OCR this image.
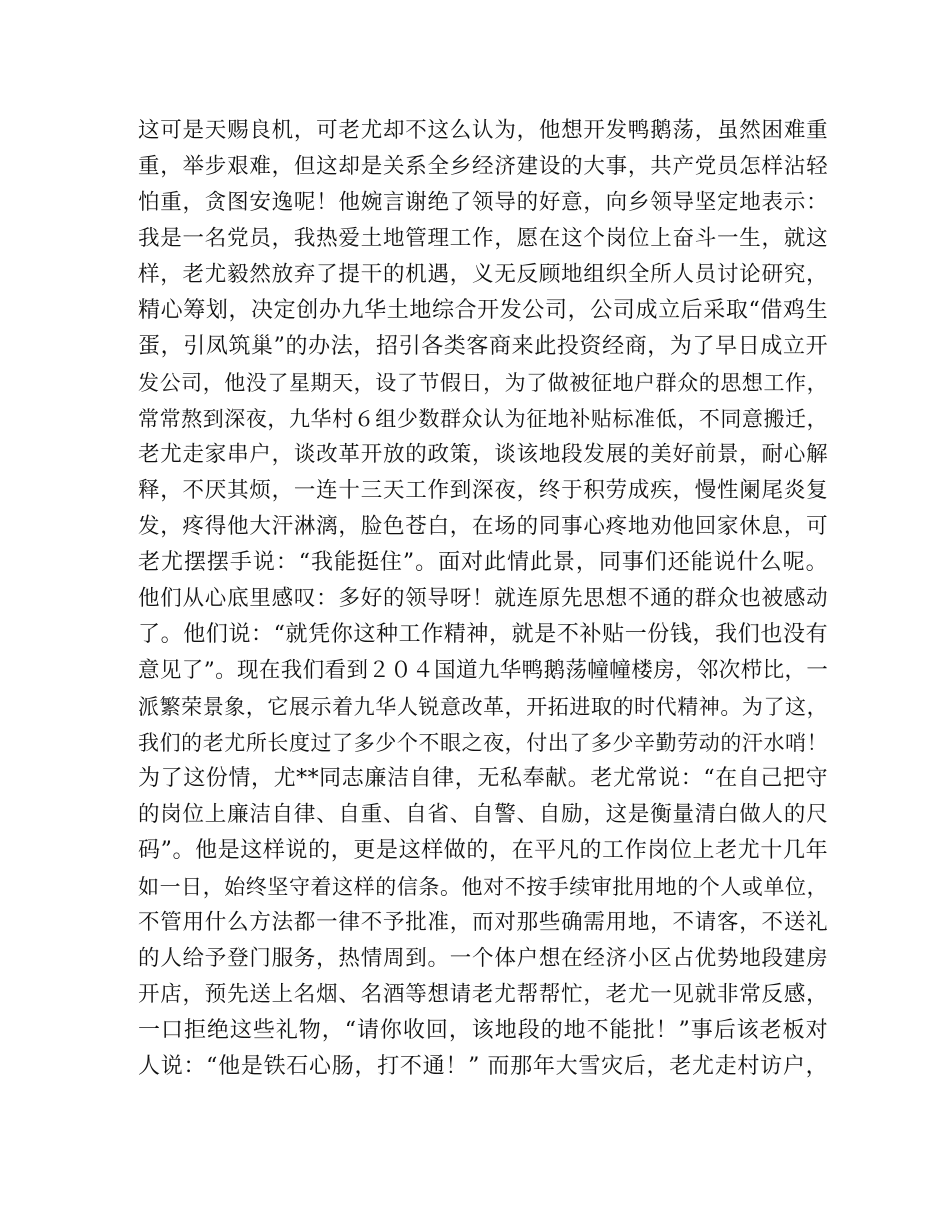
这可是天赐良机，可老尤却不这么认为，他想开发鸭鹅荡，虽然困难重
重，举步艰难，但这却是关系全乡经济建设的大事，共产党员怎样沾轻
怕重，贪图安逸呢！他婉言谢绝了领导的好意，向乡领导坚定地表示：
我是一名党员，我热爱土地管理工作，愿在这个岗位上奋斗一生，就这
样，老尤毅然放弃了提干的机遇，义无反顾地组织全所人员讨论研究，
精心筹划，决定创办九华土地综合开发公司，公司成立后采取“借鸡生
蛋，引凤筑巢”的办法，招引各类客商来此投资经商，为了早日成立开
发公司，他没了星期天，设了节假日，为了做被征地户群众的思想工作，
常常熬到深夜，九华村６组少数群众认为征地补贴标准低，不同意搬迁，
老尤走家串户，谈改革开放的政策，谈该地段发展的美好前景，耐心解
释，不厌其烦，一连十三天工作到深夜，终于积劳成疾，慢性阑尾炎复
发，疼得他大汗淋漓，脸色苍白，在场的同事心疼地劝他回家休息，可
老尤摆摆手说：“我能挺住”。面对此情此景，同事们还能说什么呢。
他们从心底里感叹：多好的领导呀！就连原先思想不通的群众也被感动
了。他们说：“就凭你这种工作精神，就是不补贴一份钱，我们也没有
意见了”。现在我们看到２０４国道九华鸭鹅荡幢幢楼房，邻次栉比，一
派繁荣景象，它展示着九华人锐意改革，开拓进取的时代精神。为了这，
我们的老尤所长度过了多少个不眼之夜，付出了多少辛勤劳动的汗水哨！
为了这份情，尤**同志廉洁自律，无私奉献。老尤常说：“在自己把守
的岗位上廉洁自律、自重、自省、自警、自励，这是衡量清白做人的尺
码”。他是这样说的，更是这样做的，在平凡的工作岗位上老尤十几年
如一日，始终坚守着这样的信条。他对不按手续审批用地的个人或单位，
不管用什么方法都一律不予批准，而对那些确需用地，不请客，不送礼
的人给予登门服务，热情周到。一个体户想在经济小区占优势地段建房
开店，预先送上名烟、名酒等想请老尤帮帮忙，老尤一见就非常反感，
一口拒绝这些礼物，“请你收回，该地段的地不能批！”事后该老板对
人说：“他是铁石心肠，打不通！” 而那年大雪灾后，老尤走村访户，
